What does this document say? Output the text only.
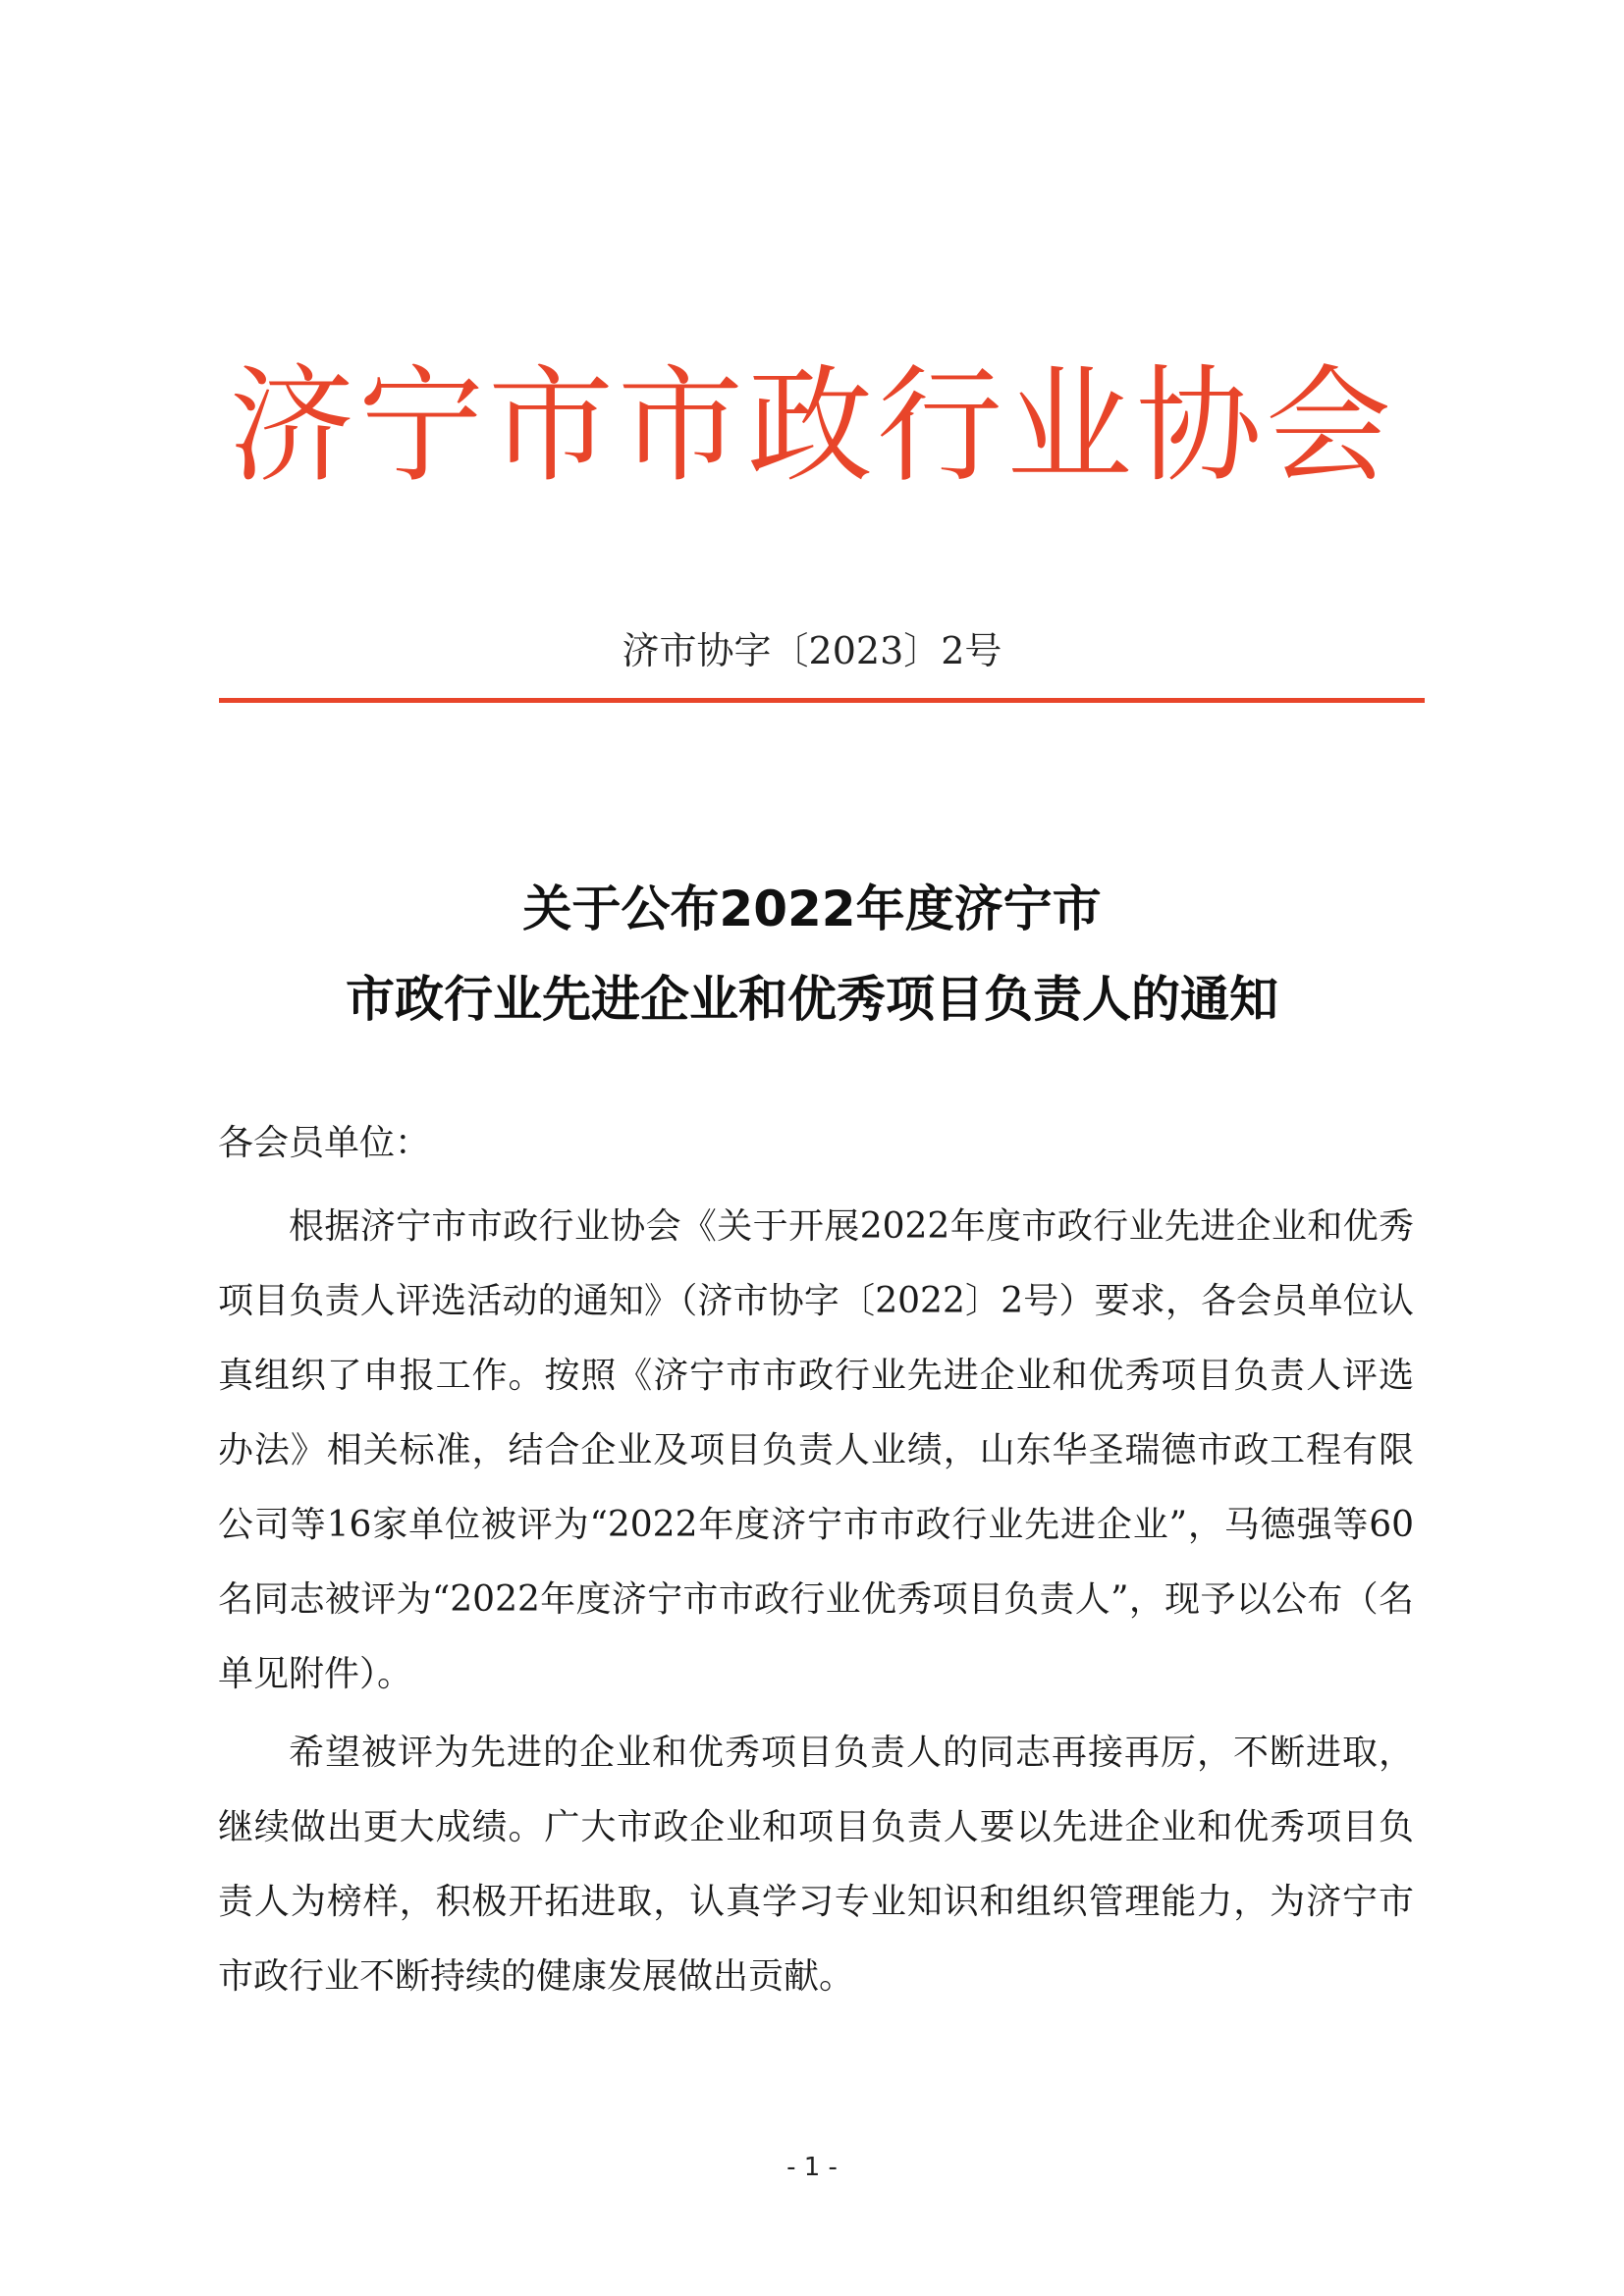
济宁市市政行业协会
济市协字〔2023〕2号
关于公布2022年度济宁市
市政行业先进企业和优秀项目负责人的通知
各会员单位：

根据济宁市市政行业协会《关于开展2022年度市政行业先进企业和优秀项目负责人评选活动的通知》（济市协字〔2022〕2号）要求，各会员单位认真组织了申报工作。按照《济宁市市政行业先进企业和优秀项目负责人评选办法》相关标准，结合企业及项目负责人业绩，山东华圣瑞德市政工程有限公司等16家单位被评为“2022年度济宁市市政行业先进企业”，马德强等60名同志被评为“2022年度济宁市市政行业优秀项目负责人”，现予以公布（名单见附件）。

希望被评为先进的企业和优秀项目负责人的同志再接再厉，不断进取，继续做出更大成绩。广大市政企业和项目负责人要以先进企业和优秀项目负责人为榜样，积极开拓进取，认真学习专业知识和组织管理能力，为济宁市市政行业不断持续的健康发展做出贡献。

- 1 -
